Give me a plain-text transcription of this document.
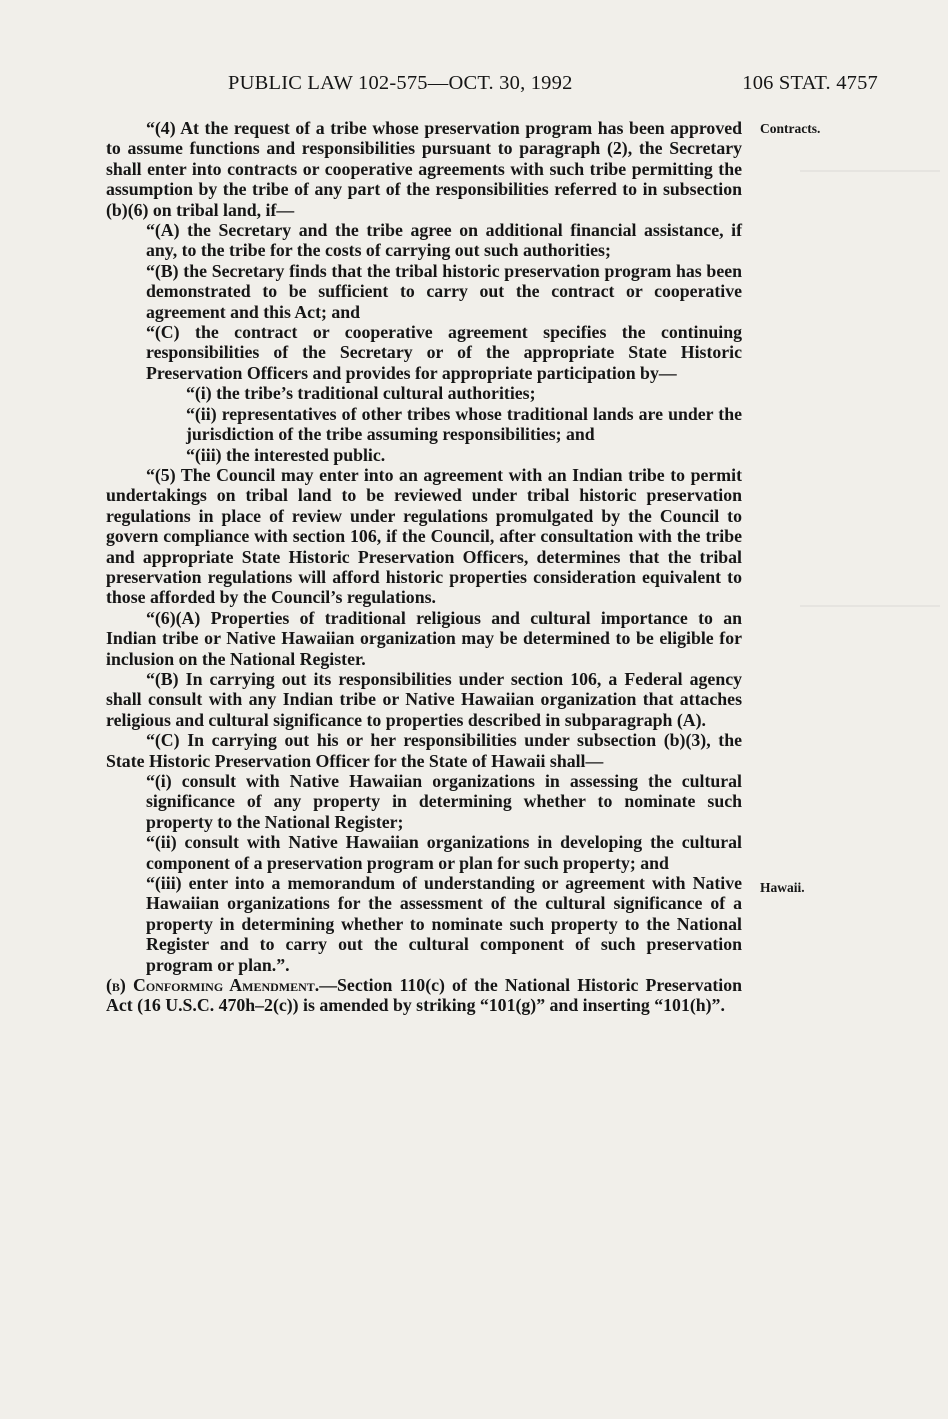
PUBLIC LAW 102-575—OCT. 30, 1992	106 STAT. 4757
Contracts.
Hawaii.

“(4) At the request of a tribe whose preservation program has been approved to assume functions and responsibilities pursuant to paragraph (2), the Secretary shall enter into contracts or cooperative agreements with such tribe permitting the assumption by the tribe of any part of the responsibilities referred to in subsection (b)(6) on tribal land, if—

“(A) the Secretary and the tribe agree on additional financial assistance, if any, to the tribe for the costs of carrying out such authorities;

“(B) the Secretary finds that the tribal historic preservation program has been demonstrated to be sufficient to carry out the contract or cooperative agreement and this Act; and

“(C) the contract or cooperative agreement specifies the continuing responsibilities of the Secretary or of the appropriate State Historic Preservation Officers and provides for appropriate participation by—

“(i) the tribe’s traditional cultural authorities;

“(ii) representatives of other tribes whose traditional lands are under the jurisdiction of the tribe assuming responsibilities; and

“(iii) the interested public.

“(5) The Council may enter into an agreement with an Indian tribe to permit undertakings on tribal land to be reviewed under tribal historic preservation regulations in place of review under regulations promulgated by the Council to govern compliance with section 106, if the Council, after consultation with the tribe and appropriate State Historic Preservation Officers, determines that the tribal preservation regulations will afford historic properties consideration equivalent to those afforded by the Council’s regulations.

“(6)(A) Properties of traditional religious and cultural importance to an Indian tribe or Native Hawaiian organization may be determined to be eligible for inclusion on the National Register.

“(B) In carrying out its responsibilities under section 106, a Federal agency shall consult with any Indian tribe or Native Hawaiian organization that attaches religious and cultural significance to properties described in subparagraph (A).

“(C) In carrying out his or her responsibilities under subsection (b)(3), the State Historic Preservation Officer for the State of Hawaii shall—

“(i) consult with Native Hawaiian organizations in assessing the cultural significance of any property in determining whether to nominate such property to the National Register;

“(ii) consult with Native Hawaiian organizations in developing the cultural component of a preservation program or plan for such property; and

“(iii) enter into a memorandum of understanding or agreement with Native Hawaiian organizations for the assessment of the cultural significance of a property in determining whether to nominate such property to the National Register and to carry out the cultural component of such preservation program or plan.”.

(b) Conforming Amendment.—Section 110(c) of the National Historic Preservation Act (16 U.S.C. 470h–2(c)) is amended by striking “101(g)” and inserting “101(h)”.
